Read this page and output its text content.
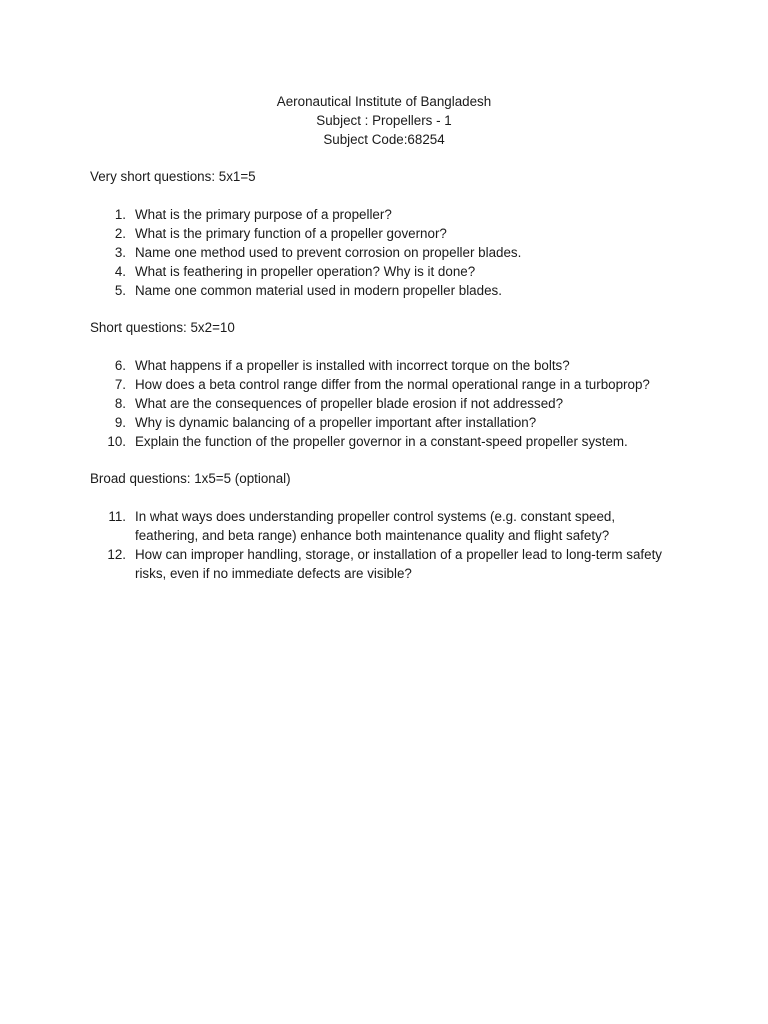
Aeronautical Institute of Bangladesh
Subject : Propellers - 1
Subject Code:68254
Very short questions: 5x1=5
1. What is the primary purpose of a propeller?
2. What is the primary function of a propeller governor?
3. Name one method used to prevent corrosion on propeller blades.
4. What is feathering in propeller operation? Why is it done?
5. Name one common material used in modern propeller blades.
Short questions: 5x2=10
6. What happens if a propeller is installed with incorrect torque on the bolts?
7. How does a beta control range differ from the normal operational range in a turboprop?
8. What are the consequences of propeller blade erosion if not addressed?
9. Why is dynamic balancing of a propeller important after installation?
10. Explain the function of the propeller governor in a constant-speed propeller system.
Broad questions: 1x5=5 (optional)
11. In what ways does understanding propeller control systems (e.g. constant speed, feathering, and beta range) enhance both maintenance quality and flight safety?
12. How can improper handling, storage, or installation of a propeller lead to long-term safety risks, even if no immediate defects are visible?
